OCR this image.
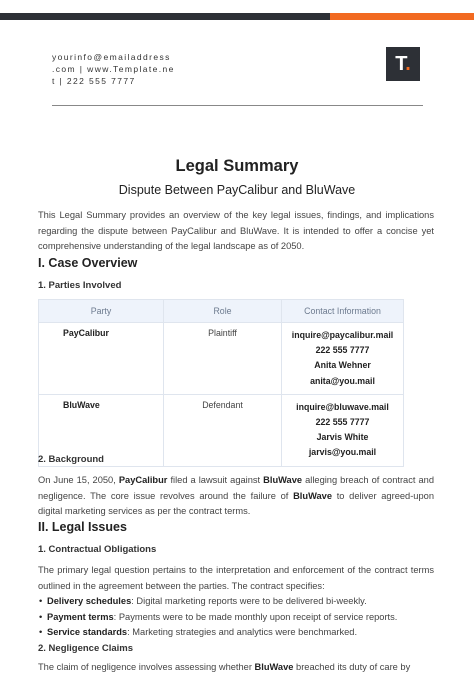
yourinfo@emailaddress
.com | www.Template.ne
t | 222 555 7777
T.
Legal Summary
Dispute Between PayCalibur and BluWave
This Legal Summary provides an overview of the key legal issues, findings, and implications regarding the dispute between PayCalibur and BluWave. It is intended to offer a concise yet comprehensive understanding of the legal landscape as of 2050.
I. Case Overview
1. Parties Involved
Party	Role	Contact Information
PayCalibur	Plaintiff	inquire@paycalibur.mail
222 555 7777
Anita Wehner
anita@you.mail

BluWave	Defendant	inquire@bluwave.mail
222 555 7777
Jarvis White
jarvis@you.mail
2. Background
On June 15, 2050, PayCalibur filed a lawsuit against BluWave alleging breach of contract and negligence. The core issue revolves around the failure of BluWave to deliver agreed-upon digital marketing services as per the contract terms.
II. Legal Issues
1. Contractual Obligations
The primary legal question pertains to the interpretation and enforcement of the contract terms outlined in the agreement between the parties. The contract specifies:
• Delivery schedules: Digital marketing reports were to be delivered bi-weekly.
• Payment terms: Payments were to be made monthly upon receipt of service reports.
• Service standards: Marketing strategies and analytics were benchmarked.
2. Negligence Claims
The claim of negligence involves assessing whether BluWave breached its duty of care by
